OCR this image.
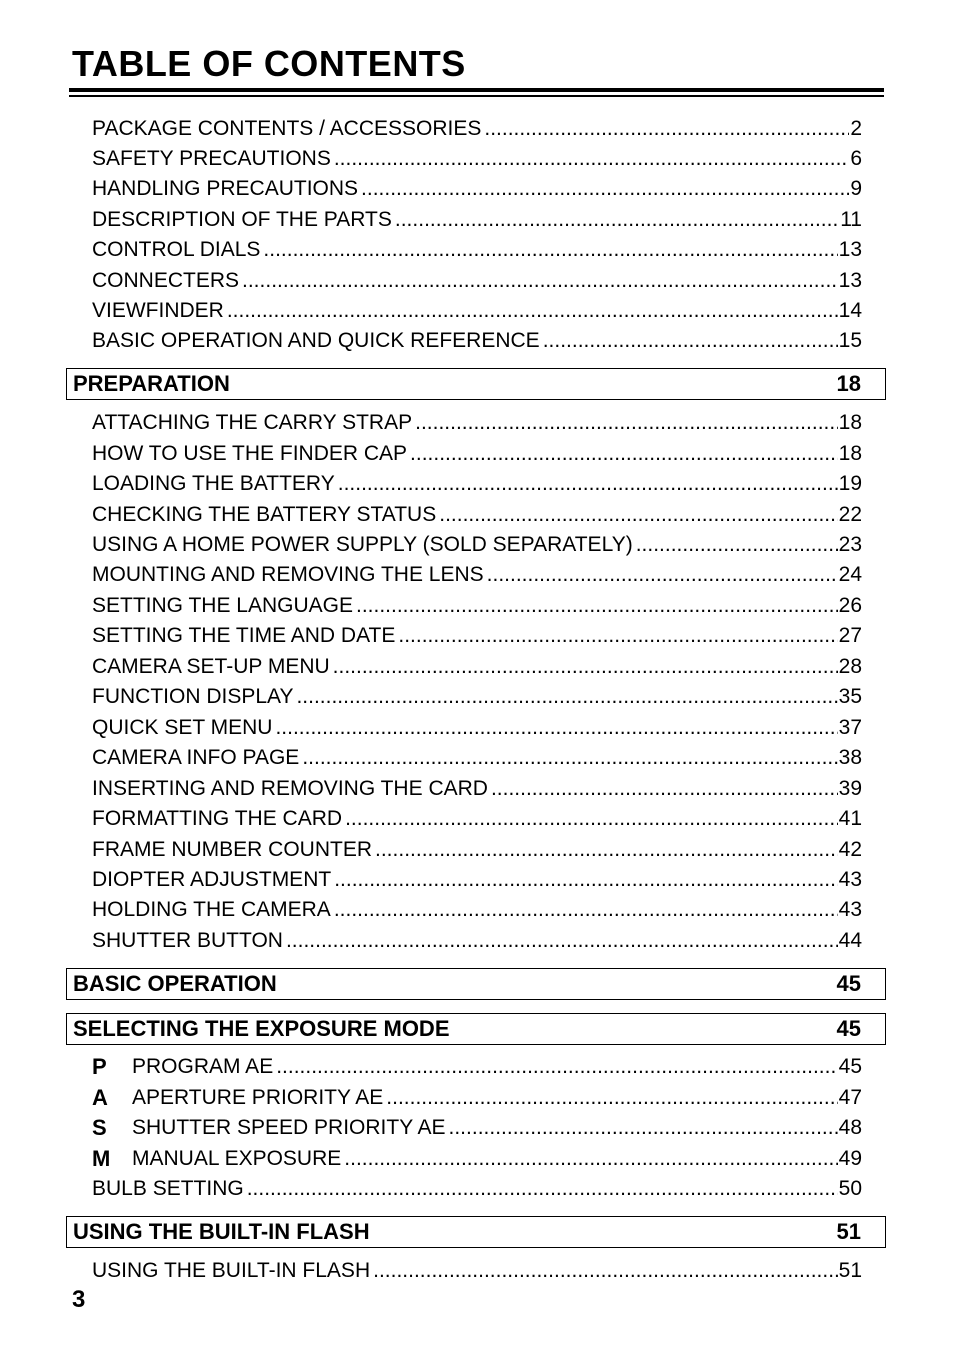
TABLE OF CONTENTS
PACKAGE CONTENTS / ACCESSORIES .....	2
SAFETY PRECAUTIONS .....	6
HANDLING PRECAUTIONS .....	9
DESCRIPTION OF THE PARTS .....	11
CONTROL DIALS .....	13
CONNECTERS .....	13
VIEWFINDER .....	14
BASIC OPERATION AND QUICK REFERENCE .....	15
PREPARATION	18
ATTACHING THE CARRY STRAP .....	18
HOW TO USE THE FINDER CAP .....	18
LOADING THE BATTERY .....	19
CHECKING THE BATTERY STATUS .....	22
USING A HOME POWER SUPPLY (SOLD SEPARATELY) .....	23
MOUNTING AND REMOVING THE LENS .....	24
SETTING THE LANGUAGE .....	26
SETTING THE TIME AND DATE .....	27
CAMERA SET-UP MENU .....	28
FUNCTION DISPLAY .....	35
QUICK SET MENU .....	37
CAMERA INFO PAGE .....	38
INSERTING AND REMOVING THE CARD .....	39
FORMATTING THE CARD .....	41
FRAME NUMBER COUNTER .....	42
DIOPTER ADJUSTMENT .....	43
HOLDING THE CAMERA .....	43
SHUTTER BUTTON .....	44
BASIC OPERATION	45
SELECTING THE EXPOSURE MODE	45
P	PROGRAM AE .....	45
A	APERTURE PRIORITY AE .....	47
S	SHUTTER SPEED PRIORITY AE .....	48
M	MANUAL EXPOSURE .....	49
BULB SETTING .....	50
USING THE BUILT-IN FLASH	51
USING THE BUILT-IN FLASH .....	51
3
